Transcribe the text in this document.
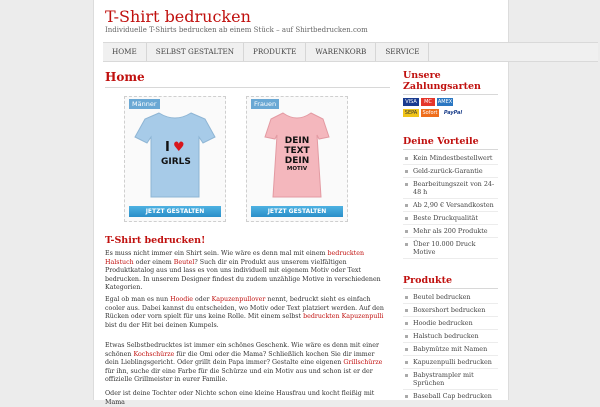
T-Shirt bedrucken
Individuelle T-Shirts bedrucken ab einem Stück – auf Shirtbedrucken.com
HOME	SELBST GESTALTEN	PRODUKTE	WARENKORB	SERVICE
Home
Männer
I ♥
GIRLS
JETZT GESTALTEN
Frauen
DEIN
TEXT
DEIN
MOTIV
JETZT GESTALTEN
T-Shirt bedrucken!

Es muss nicht immer ein Shirt sein. Wie wäre es denn mal mit einem bedruckten Halstuch oder einem Beutel? Such dir ein Produkt aus unserem vielfältigen Produktkatalog aus und lass es von uns individuell mit eigenem Motiv oder Text bedrucken. In unserem Designer findest du zudem unzählige Motive in verschiedenen Kategorien.

Egal ob man es nun Hoodie oder Kapuzenpullover nennt, bedruckt sieht es einfach cooler aus. Dabei kannst du entscheiden, wo Motiv oder Text platziert werden. Auf den Rücken oder vorn spielt für uns keine Rolle. Mit einem selbst bedruckten Kapuzenpulli bist du der Hit bei deinen Kumpels.

Etwas Selbstbedrucktes ist immer ein schönes Geschenk. Wie wäre es denn mit einer schönen Kochschürze für die Omi oder die Mama? Schließlich kochen Sie dir immer dein Lieblingsgericht. Oder grillt dein Papa immer? Gestalte eine eigenen Grillschürze für ihn, suche dir eine Farbe für die Schürze und ein Motiv aus und schon ist er der offizielle Grillmeister in eurer Familie.

Oder ist deine Tochter oder Nichte schon eine kleine Hausfrau und kocht fleißig mit Mama

Unsere Zahlungsarten
VISA	MC	AMEX
SEPA	Sofort	PayPal
Deine Vorteile
Kein Mindestbestellwert
Geld-zurück-Garantie
Bearbeitungszeit von 24-48 h
Ab 2,90 € Versandkosten
Beste Druckqualität
Mehr als 200 Produkte
Über 10.000 Druck Motive
Produkte
Beutel bedrucken
Boxershort bedrucken
Hoodie bedrucken
Halstuch bedrucken
Babymütze mit Namen
Kapuzenpulli bedrucken
Babystrampler mit Sprüchen
Baseball Cap bedrucken
